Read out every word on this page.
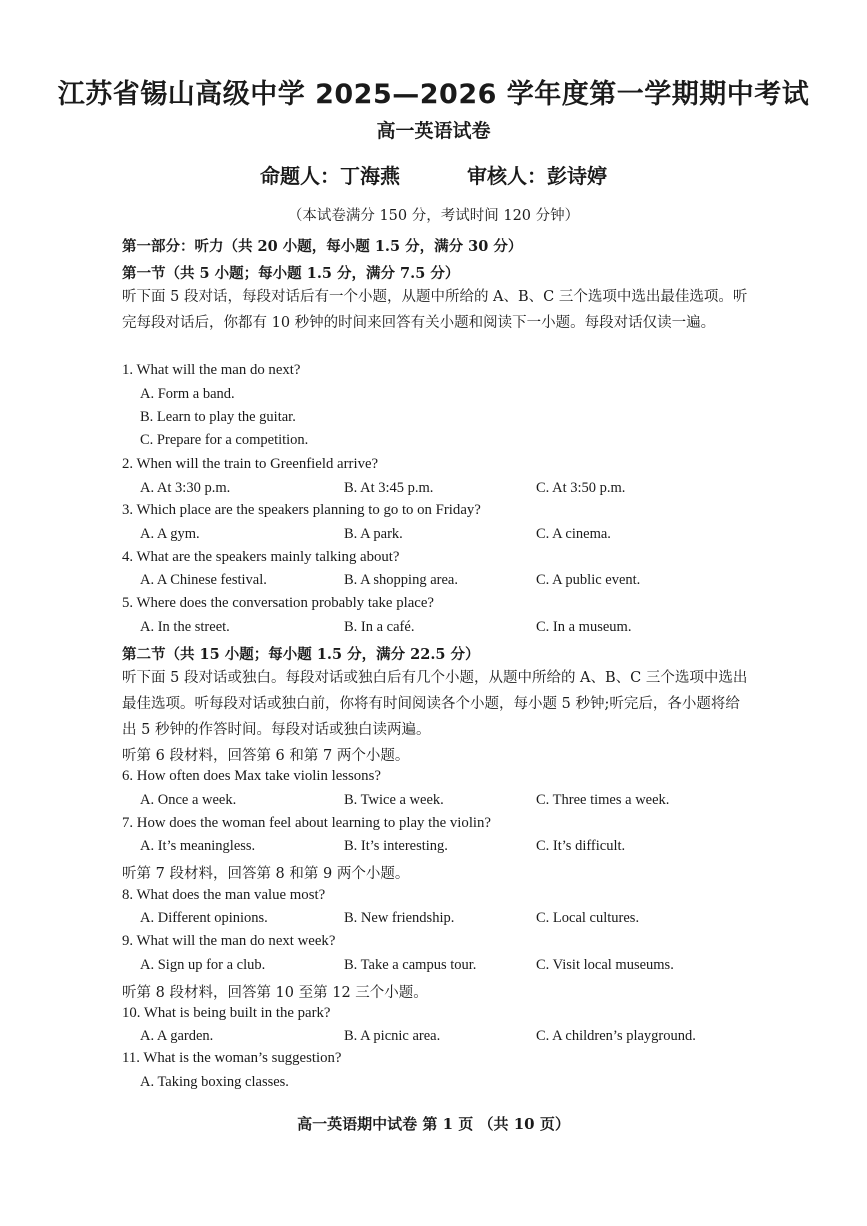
江苏省锡山高级中学 2025—2026 学年度第一学期期中考试
高一英语试卷
命题人：丁海燕	审核人：彭诗婷
（本试卷满分 150 分，考试时间 120 分钟）
第一部分：听力（共 20 小题，每小题 1.5 分，满分 30 分）
第一节（共 5 小题；每小题 1.5 分，满分 7.5 分）
听下面 5 段对话，每段对话后有一个小题，从题中所给的 A、B、C 三个选项中选出最佳选项。听完每段对话后，你都有 10 秒钟的时间来回答有关小题和阅读下一小题。每段对话仅读一遍。
1. What will the man do next?
A. Form a band.
B. Learn to play the guitar.
C. Prepare for a competition.
2. When will the train to Greenfield arrive?
A. At 3:30 p.m.	B. At 3:45 p.m.	C. At 3:50 p.m.
3. Which place are the speakers planning to go to on Friday?
A. A gym.	B. A park.	C. A cinema.
4. What are the speakers mainly talking about?
A. A Chinese festival.	B. A shopping area.	C. A public event.
5. Where does the conversation probably take place?
A. In the street.	B. In a café.	C. In a museum.
第二节（共 15 小题；每小题 1.5 分，满分 22.5 分）
听下面 5 段对话或独白。每段对话或独白后有几个小题，从题中所给的 A、B、C 三个选项中选出最佳选项。听每段对话或独白前，你将有时间阅读各个小题，每小题 5 秒钟;听完后，各小题将给出 5 秒钟的作答时间。每段对话或独白读两遍。
听第 6 段材料，回答第 6 和第 7 两个小题。
6. How often does Max take violin lessons?
A. Once a week.	B. Twice a week.	C. Three times a week.
7. How does the woman feel about learning to play the violin?
A. It’s meaningless.	B. It’s interesting.	C. It’s difficult.
听第 7 段材料，回答第 8 和第 9 两个小题。
8. What does the man value most?
A. Different opinions.	B. New friendship.	C. Local cultures.
9. What will the man do next week?
A. Sign up for a club.	B. Take a campus tour.	C. Visit local museums.
听第 8 段材料，回答第 10 至第 12 三个小题。
10. What is being built in the park?
A. A garden.	B. A picnic area.	C. A children’s playground.
11. What is the woman’s suggestion?
A. Taking boxing classes.
高一英语期中试卷 第 1 页 （共 10 页）
